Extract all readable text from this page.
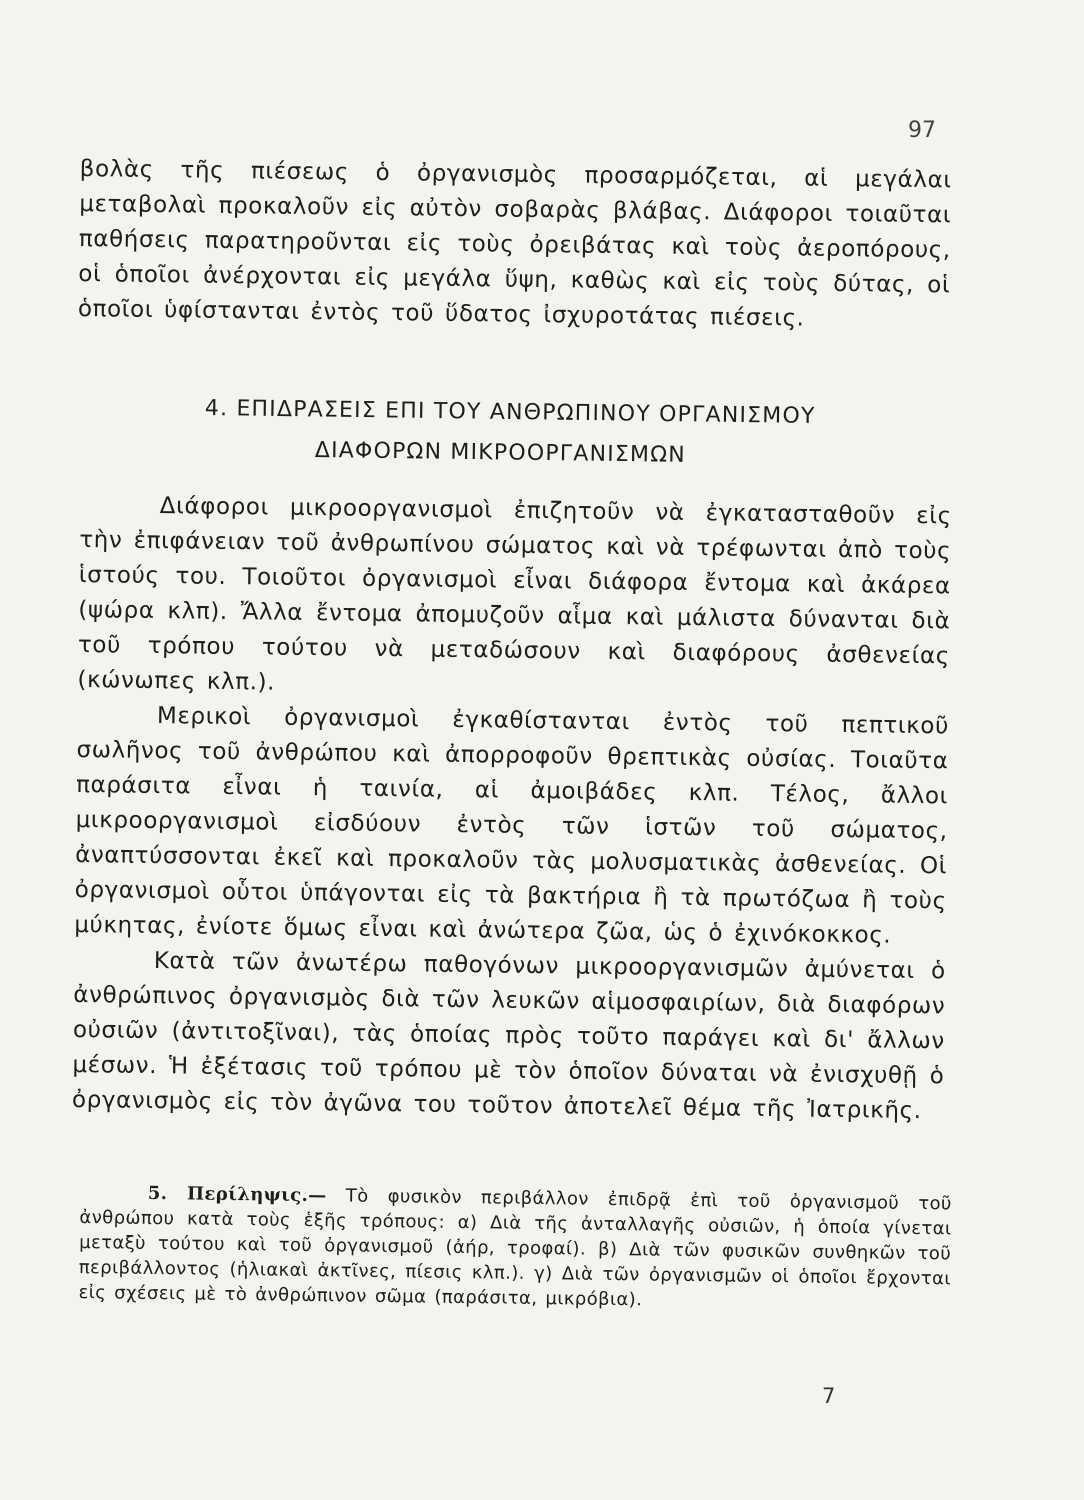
97

βολὰς τῆς πιέσεως ὁ ὀργανισμὸς προσαρμόζεται, αἱ μεγάλαι μεταβολαὶ προκαλοῦν εἰς αὐτὸν σοβαρὰς βλάβας. Διάφοροι τοιαῦται παθήσεις παρατηροῦνται εἰς τοὺς ὀρειβάτας καὶ τοὺς ἀεροπόρους, οἱ ὁποῖοι ἀνέρχονται εἰς μεγάλα ὕψη, καθὼς καὶ εἰς τοὺς δύτας, οἱ ὁποῖοι ὑφίστανται ἐντὸς τοῦ ὕδατος ἰσχυροτάτας πιέσεις.

4. ΕΠΙΔΡΑΣΕΙΣ ΕΠΙ ΤΟΥ ΑΝΘΡΩΠΙΝΟΥ ΟΡΓΑΝΙΣΜΟΥ
ΔΙΑΦΟΡΩΝ ΜΙΚΡΟΟΡΓΑΝΙΣΜΩΝ

Διάφοροι μικροοργανισμοὶ ἐπιζητοῦν νὰ ἐγκατασταθοῦν εἰς τὴν ἐπιφάνειαν τοῦ ἀνθρωπίνου σώματος καὶ νὰ τρέφωνται ἀπὸ τοὺς ἱστούς του. Τοιοῦτοι ὀργανισμοὶ εἶναι διάφορα ἔντομα καὶ ἀκάρεα (ψώρα κλπ). Ἄλλα ἔντομα ἀπομυζοῦν αἷμα καὶ μάλιστα δύνανται διὰ τοῦ τρόπου τούτου νὰ μεταδώσουν καὶ διαφόρους ἀσθενείας (κώνωπες κλπ.).

Μερικοὶ ὀργανισμοὶ ἐγκαθίστανται ἐντὸς τοῦ πεπτικοῦ σωλῆνος τοῦ ἀνθρώπου καὶ ἀπορροφοῦν θρεπτικὰς οὐσίας. Τοιαῦτα παράσιτα εἶναι ἡ ταινία, αἱ ἀμοιβάδες κλπ. Τέλος, ἄλλοι μικροοργανισμοὶ εἰσδύουν ἐντὸς τῶν ἱστῶν τοῦ σώματος, ἀναπτύσσονται ἐκεῖ καὶ προκαλοῦν τὰς μολυσματικὰς ἀσθενείας. Οἱ ὀργανισμοὶ οὗτοι ὑπάγονται εἰς τὰ βακτήρια ἢ τὰ πρωτόζωα ἢ τοὺς μύκητας, ἐνίοτε ὅμως εἶναι καὶ ἀνώτερα ζῶα, ὡς ὁ ἐχινόκοκκος.

Κατὰ τῶν ἀνωτέρω παθογόνων μικροοργανισμῶν ἀμύνεται ὁ ἀνθρώπινος ὀργανισμὸς διὰ τῶν λευκῶν αἱμοσφαιρίων, διὰ διαφόρων οὐσιῶν (ἀντιτοξῖναι), τὰς ὁποίας πρὸς τοῦτο παράγει καὶ δι' ἄλλων μέσων. Ἡ ἐξέτασις τοῦ τρόπου μὲ τὸν ὁποῖον δύναται νὰ ἐνισχυθῇ ὁ ὀργανισμὸς εἰς τὸν ἀγῶνα του τοῦτον ἀποτελεῖ θέμα τῆς Ἰατρικῆς.

5. Περίληψις.— Τὸ φυσικὸν περιβάλλον ἐπιδρᾷ ἐπὶ τοῦ ὀργανισμοῦ τοῦ ἀνθρώπου κατὰ τοὺς ἑξῆς τρόπους: α) Διὰ τῆς ἀνταλλαγῆς οὐσιῶν, ἡ ὁποία γίνεται μεταξὺ τούτου καὶ τοῦ ὀργανισμοῦ (ἀήρ, τροφαί). β) Διὰ τῶν φυσικῶν συνθηκῶν τοῦ περιβάλλοντος (ἡλιακαὶ ἀκτῖνες, πίεσις κλπ.). γ) Διὰ τῶν ὀργανισμῶν οἱ ὁποῖοι ἔρχονται εἰς σχέσεις μὲ τὸ ἀνθρώπινον σῶμα (παράσιτα, μικρόβια).

7
